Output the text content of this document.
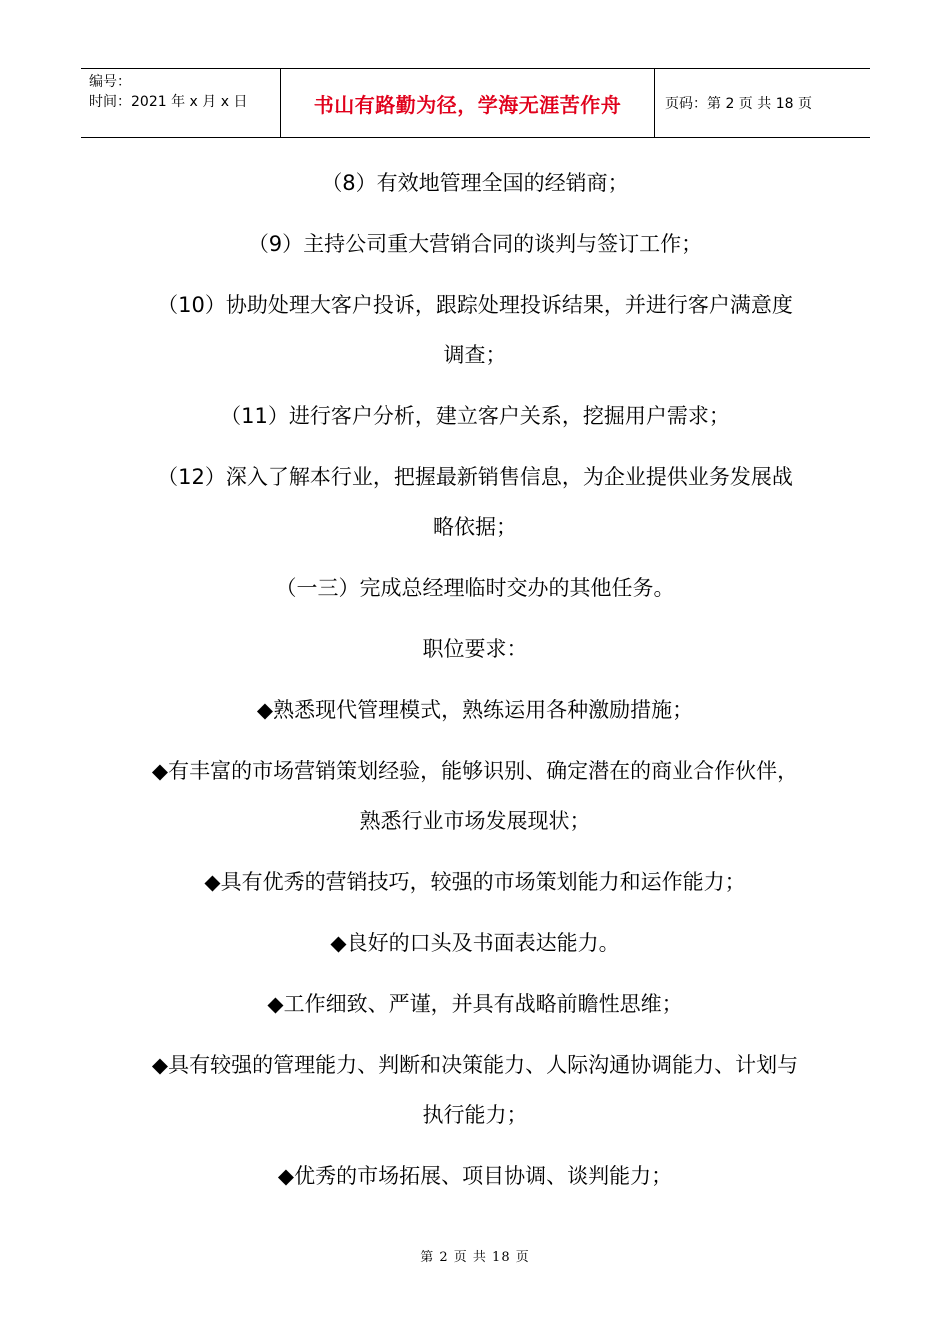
编号：
时间：2021 年 x 月 x 日	书山有路勤为径，学海无涯苦作舟	页码：第 2 页 共 18 页

（8）有效地管理全国的经销商；

（9）主持公司重大营销合同的谈判与签订工作；

（10）协助处理大客户投诉，跟踪处理投诉结果，并进行客户满意度调查；

（11）进行客户分析，建立客户关系，挖掘用户需求；

（12）深入了解本行业，把握最新销售信息，为企业提供业务发展战略依据；

（一三）完成总经理临时交办的其他任务。

职位要求：

◆熟悉现代管理模式，熟练运用各种激励措施；

◆有丰富的市场营销策划经验，能够识别、确定潜在的商业合作伙伴，熟悉行业市场发展现状；

◆具有优秀的营销技巧，较强的市场策划能力和运作能力；

◆良好的口头及书面表达能力。

◆工作细致、严谨，并具有战略前瞻性思维；

◆具有较强的管理能力、判断和决策能力、人际沟通协调能力、计划与执行能力；

◆优秀的市场拓展、项目协调、谈判能力；

第 2 页 共 18 页
